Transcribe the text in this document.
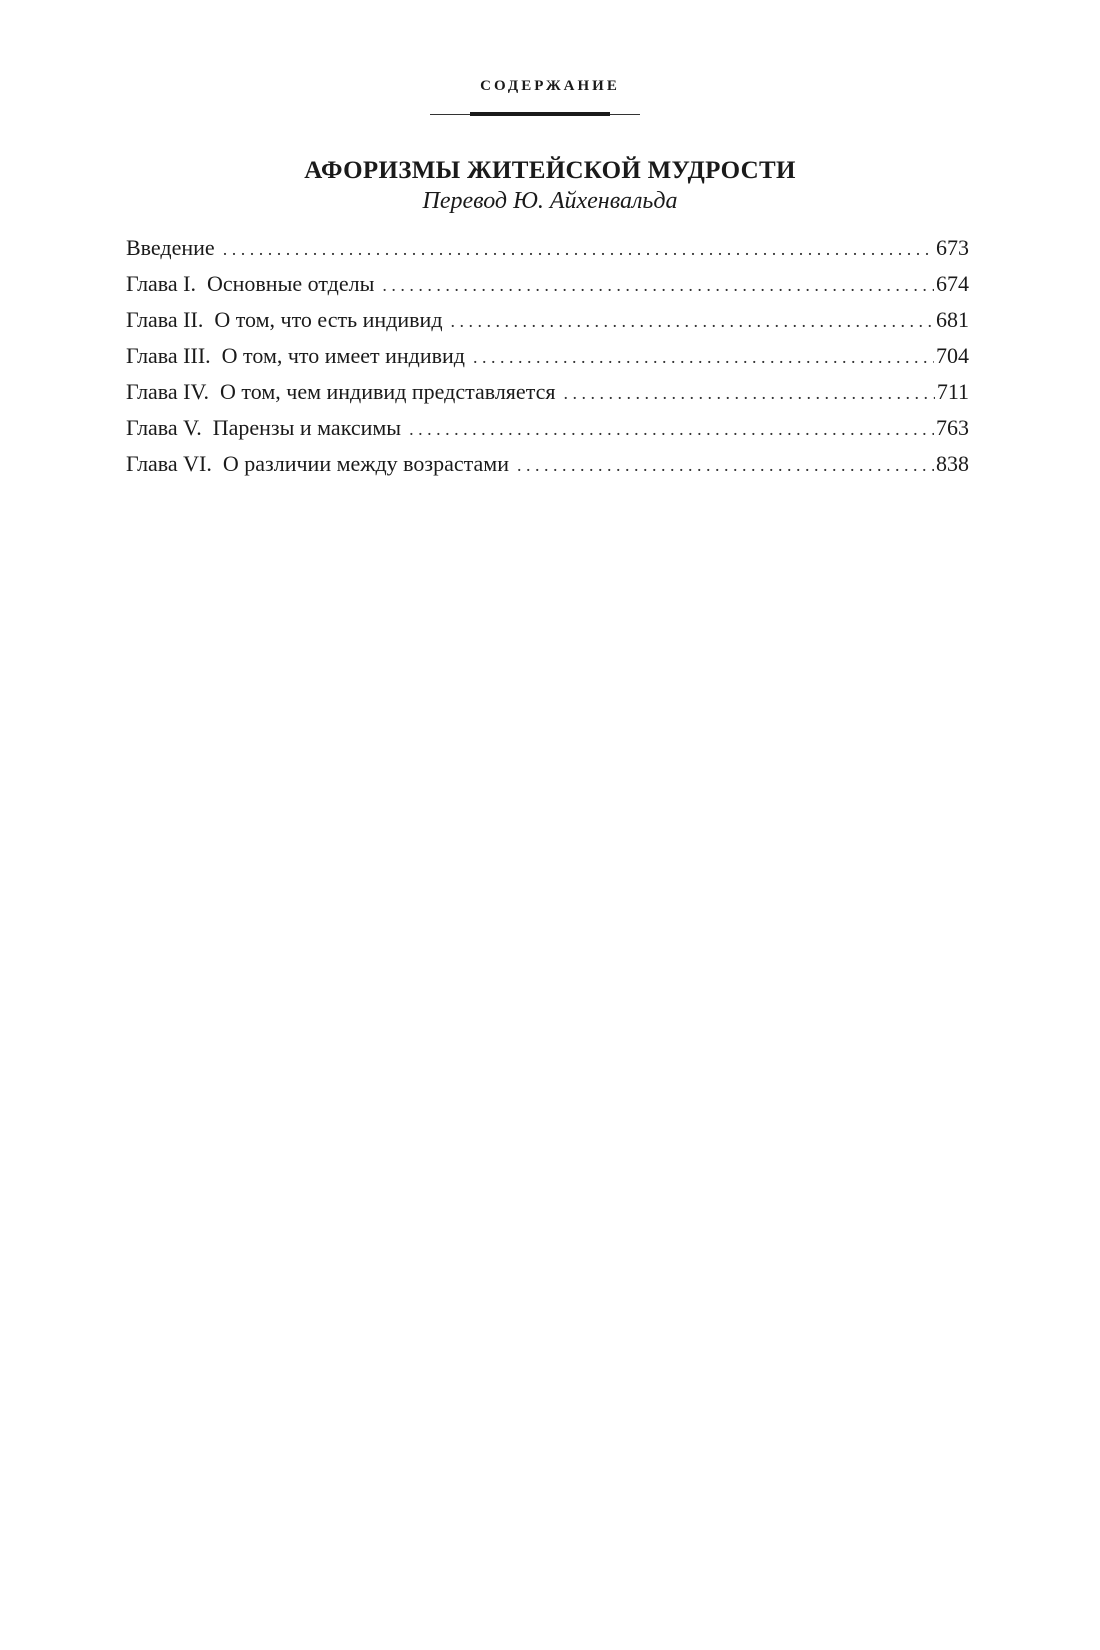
СОДЕРЖАНИЕ
АФОРИЗМЫ ЖИТЕЙСКОЙ МУДРОСТИ
Перевод Ю. Айхенвальда
Введение . . .	673
Глава I.  Основные отделы . . .	674
Глава II.  О том, что есть индивид . . .	681
Глава III.  О том, что имеет индивид . . .	704
Глава IV.  О том, чем индивид представляется . . .	711
Глава V.  Парензы и максимы . . .	763
Глава VI.  О различии между возрастами . . .	838
